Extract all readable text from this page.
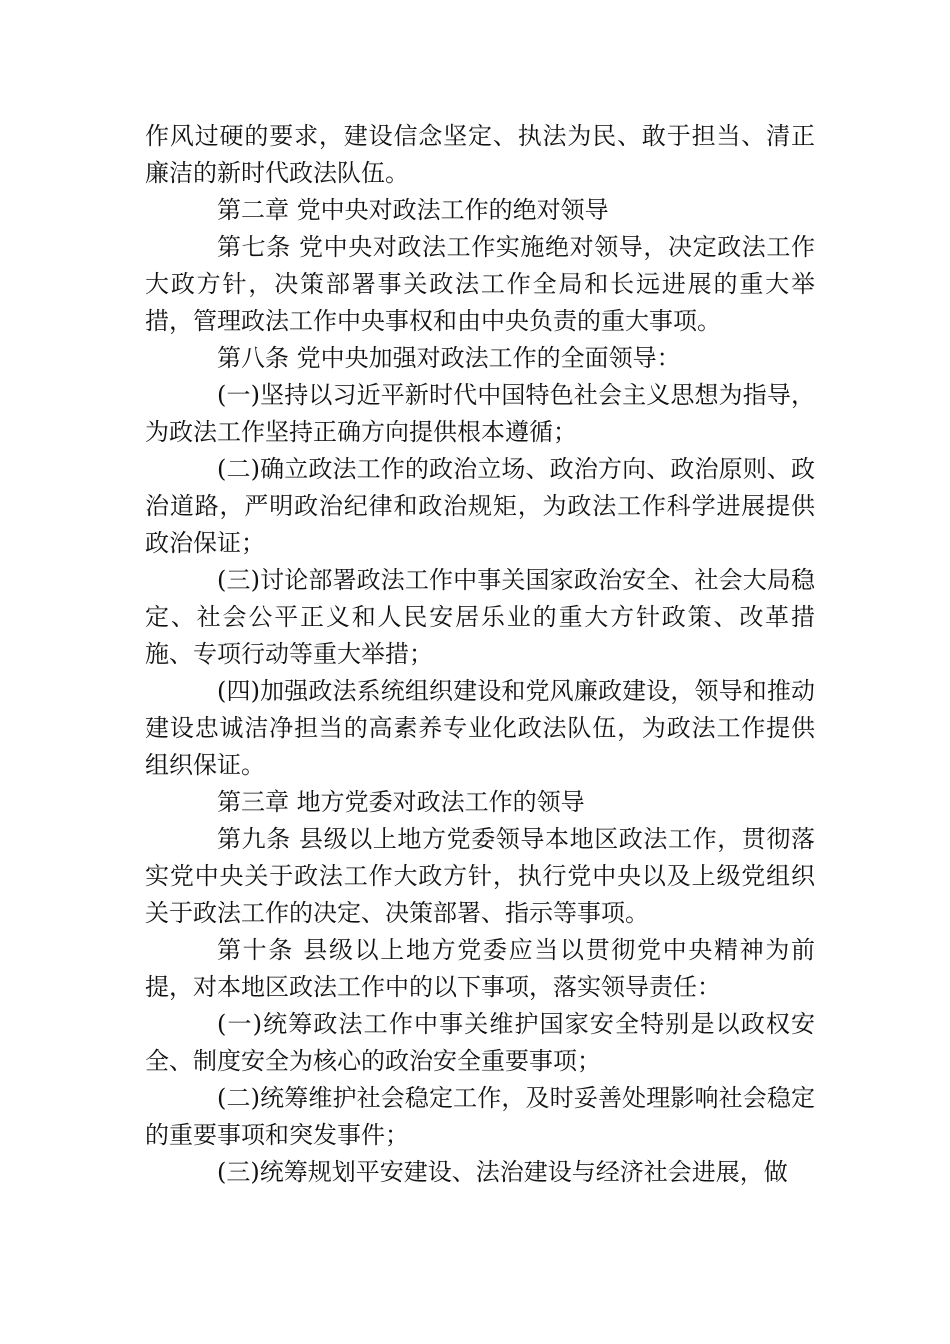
作风过硬的要求，建设信念坚定、执法为民、敢于担当、清正廉洁的新时代政法队伍。

第二章 党中央对政法工作的绝对领导

第七条 党中央对政法工作实施绝对领导，决定政法工作大政方针，决策部署事关政法工作全局和长远进展的重大举措，管理政法工作中央事权和由中央负责的重大事项。

第八条 党中央加强对政法工作的全面领导：

(一)坚持以习近平新时代中国特色社会主义思想为指导，为政法工作坚持正确方向提供根本遵循；

(二)确立政法工作的政治立场、政治方向、政治原则、政治道路，严明政治纪律和政治规矩，为政法工作科学进展提供政治保证；

(三)讨论部署政法工作中事关国家政治安全、社会大局稳定、社会公平正义和人民安居乐业的重大方针政策、改革措施、专项行动等重大举措；

(四)加强政法系统组织建设和党风廉政建设，领导和推动建设忠诚洁净担当的高素养专业化政法队伍，为政法工作提供组织保证。

第三章 地方党委对政法工作的领导

第九条 县级以上地方党委领导本地区政法工作，贯彻落实党中央关于政法工作大政方针，执行党中央以及上级党组织关于政法工作的决定、决策部署、指示等事项。

第十条 县级以上地方党委应当以贯彻党中央精神为前提，对本地区政法工作中的以下事项，落实领导责任：

(一)统筹政法工作中事关维护国家安全特别是以政权安全、制度安全为核心的政治安全重要事项；

(二)统筹维护社会稳定工作，及时妥善处理影响社会稳定的重要事项和突发事件；

(三)统筹规划平安建设、法治建设与经济社会进展，做
